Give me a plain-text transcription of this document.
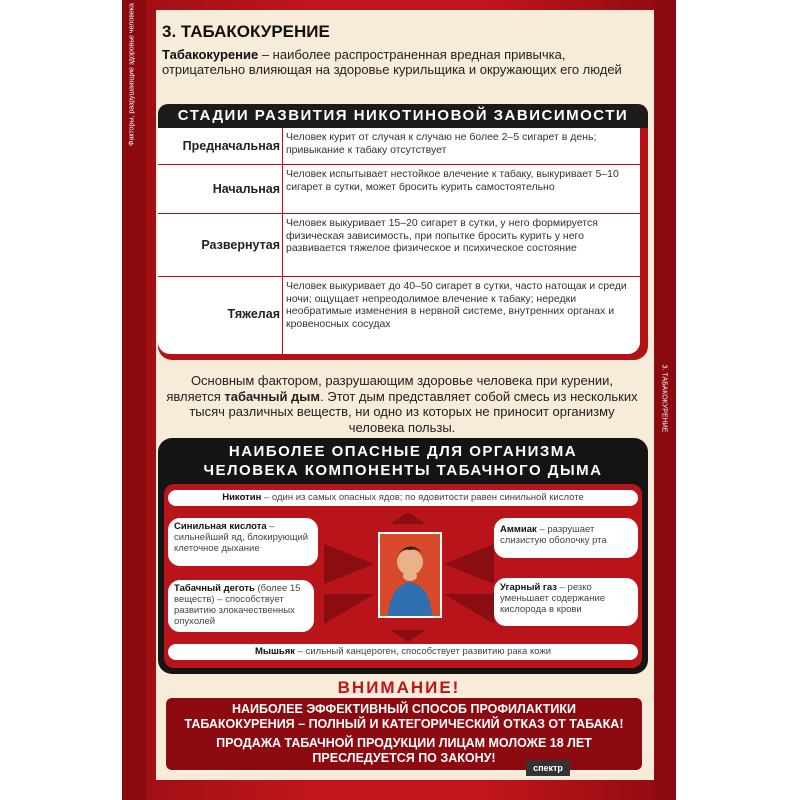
Факторы, разрушающие здоровье человека
3. ТАБАКОКУРЕНИЕ
3. ТАБАКОКУРЕНИЕ
Табакокурение – наиболее распространенная вредная привычка, отрицательно влияющая на здоровье курильщика и окружающих его людей
СТАДИИ РАЗВИТИЯ НИКОТИНОВОЙ ЗАВИСИМОСТИ
Предначальная
Человек курит от случая к случаю не более 2–5 сигарет в день; привыкание к табаку отсутствует
Начальная
Человек испытывает нестойкое влечение к табаку, выкуривает 5–10 сигарет в сутки, может бросить курить самостоятельно
Развернутая
Человек выкуривает 15–20 сигарет в сутки, у него формируется физическая зависимость, при попытке бросить курить у него развивается тяжелое физическое и психическое состояние
Тяжелая
Человек выкуривает до 40–50 сигарет в сутки, часто натощак и среди ночи; ощущает непреодолимое влечение к табаку; нередки необратимые изменения в нервной системе, внутренних органах и кровеносных сосудах
Основным фактором, разрушающим здоровье человека при курении, является табачный дым. Этот дым представляет собой смесь из нескольких тысяч различных веществ, ни одно из которых не приносит организму человека пользы.
НАИБОЛЕЕ ОПАСНЫЕ ДЛЯ ОРГАНИЗМА
ЧЕЛОВЕКА КОМПОНЕНТЫ ТАБАЧНОГО ДЫМА
Никотин – один из самых опасных ядов; по ядовитости равен синильной кислоте
Синильная кислота – сильнейший яд, блокирующий клеточное дыхание
Аммиак – разрушает слизистую оболочку рта
Табачный деготь (более 15 веществ) – способствует развитию злокачественных опухолей
Угарный газ – резко уменьшает содержание кислорода в крови
Мышьяк – сильный канцероген, способствует развитию рака кожи
ВНИМАНИЕ!
НАИБОЛЕЕ ЭФФЕКТИВНЫЙ СПОСОБ ПРОФИЛАКТИКИ
ТАБАКОКУРЕНИЯ – ПОЛНЫЙ И КАТЕГОРИЧЕСКИЙ ОТКАЗ ОТ ТАБАКА!
ПРОДАЖА ТАБАЧНОЙ ПРОДУКЦИИ ЛИЦАМ МОЛОЖЕ 18 ЛЕТ
ПРЕСЛЕДУЕТСЯ ПО ЗАКОНУ!
спектр
